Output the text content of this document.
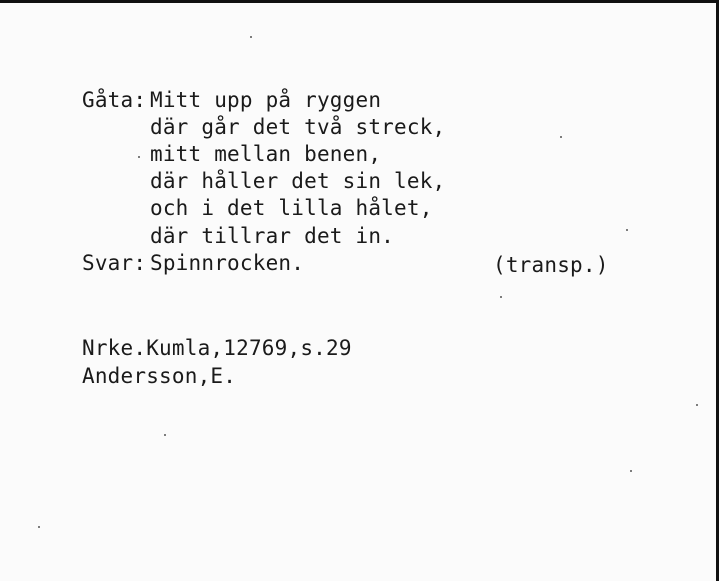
Gåta: Mitt upp på ryggen
där går det två streck,
mitt mellan benen,
där håller det sin lek,
och i det lilla hålet,
där tillrar det in.
Svar: Spinnrocken.	(transp.)
Nrke.Kumla,12769,s.29
Andersson,E.
